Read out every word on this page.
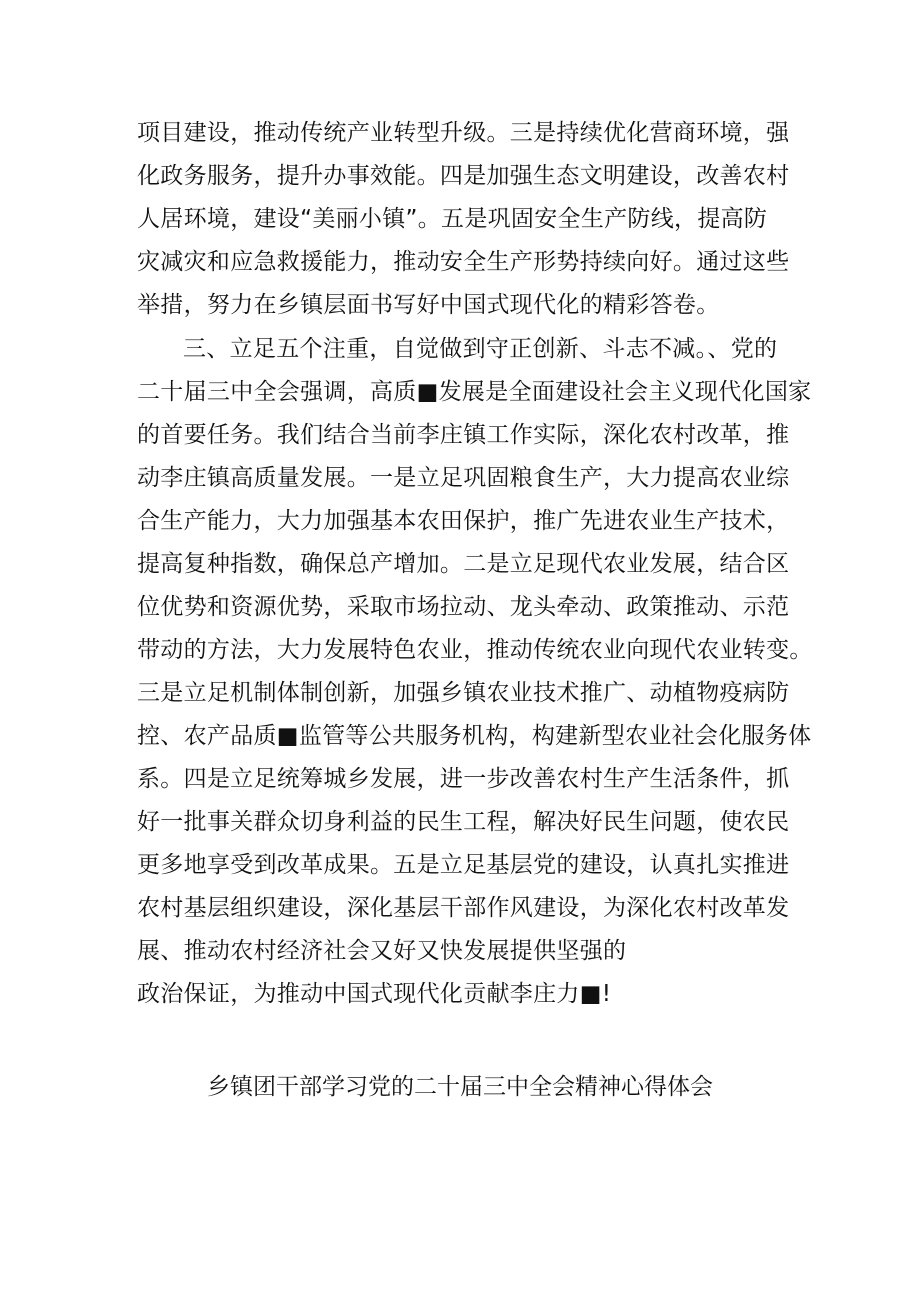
项目建设，推动传统产业转型升级。三是持续优化营商环境，强
化政务服务，提升办事效能。四是加强生态文明建设，改善农村
人居环境，建设“美丽小镇”。五是巩固安全生产防线，提高防
灾减灾和应急救援能力，推动安全生产形势持续向好。通过这些
举措，努力在乡镇层面书写好中国式现代化的精彩答卷。
三、立足五个注重，自觉做到守正创新、斗志不减。、党的
二十届三中全会强调，高质■发展是全面建设社会主义现代化国家
的首要任务。我们结合当前李庄镇工作实际，深化农村改革，推
动李庄镇高质量发展。一是立足巩固粮食生产，大力提高农业综
合生产能力，大力加强基本农田保护，推广先进农业生产技术，
提高复种指数，确保总产增加。二是立足现代农业发展，结合区
位优势和资源优势，采取市场拉动、龙头牵动、政策推动、示范
带动的方法，大力发展特色农业，推动传统农业向现代农业转变。
三是立足机制体制创新，加强乡镇农业技术推广、动植物疫病防
控、农产品质■监管等公共服务机构，构建新型农业社会化服务体
系。四是立足统筹城乡发展，进一步改善农村生产生活条件，抓
好一批事关群众切身利益的民生工程，解决好民生问题，使农民
更多地享受到改革成果。五是立足基层党的建设，认真扎实推进
农村基层组织建设，深化基层干部作风建设，为深化农村改革发
展、推动农村经济社会又好又快发展提供坚强的
政治保证，为推动中国式现代化贡献李庄力■!
乡镇团干部学习党的二十届三中全会精神心得体会
